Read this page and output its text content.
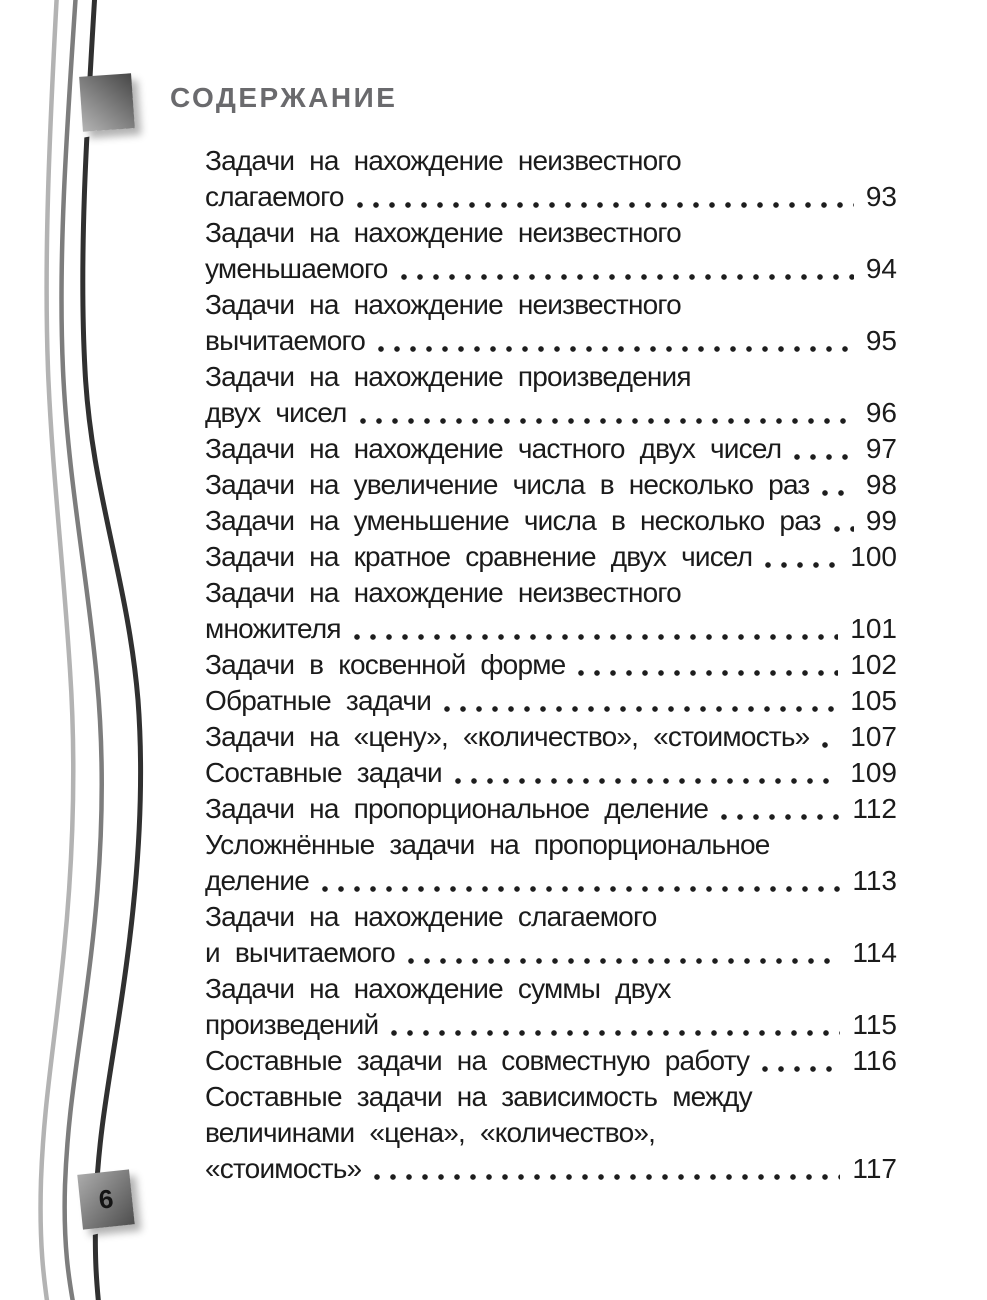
СОДЕРЖАНИЕ
Задачи на нахождение неизвестного
слагаемого	93
Задачи на нахождение неизвестного
уменьшаемого	94
Задачи на нахождение неизвестного
вычитаемого	95
Задачи на нахождение произведения
двух чисел	96
Задачи на нахождение частного двух чисел	97
Задачи на увеличение числа в несколько раз 98
Задачи на уменьшение числа в несколько раз 99
Задачи на кратное сравнение двух чисел	100
Задачи на нахождение неизвестного
множителя	101
Задачи в косвенной форме	102
Обратные задачи	105
Задачи на «цену», «количество», «стоимость» 107
Составные задачи	109
Задачи на пропорциональное деление	112
Усложнённые задачи на пропорциональное
деление	113
Задачи на нахождение слагаемого
и вычитаемого	114
Задачи на нахождение суммы двух
произведений	115
Составные задачи на совместную работу	116
Составные задачи на зависимость между
величинами «цена», «количество»,
«стоимость»	117
6
